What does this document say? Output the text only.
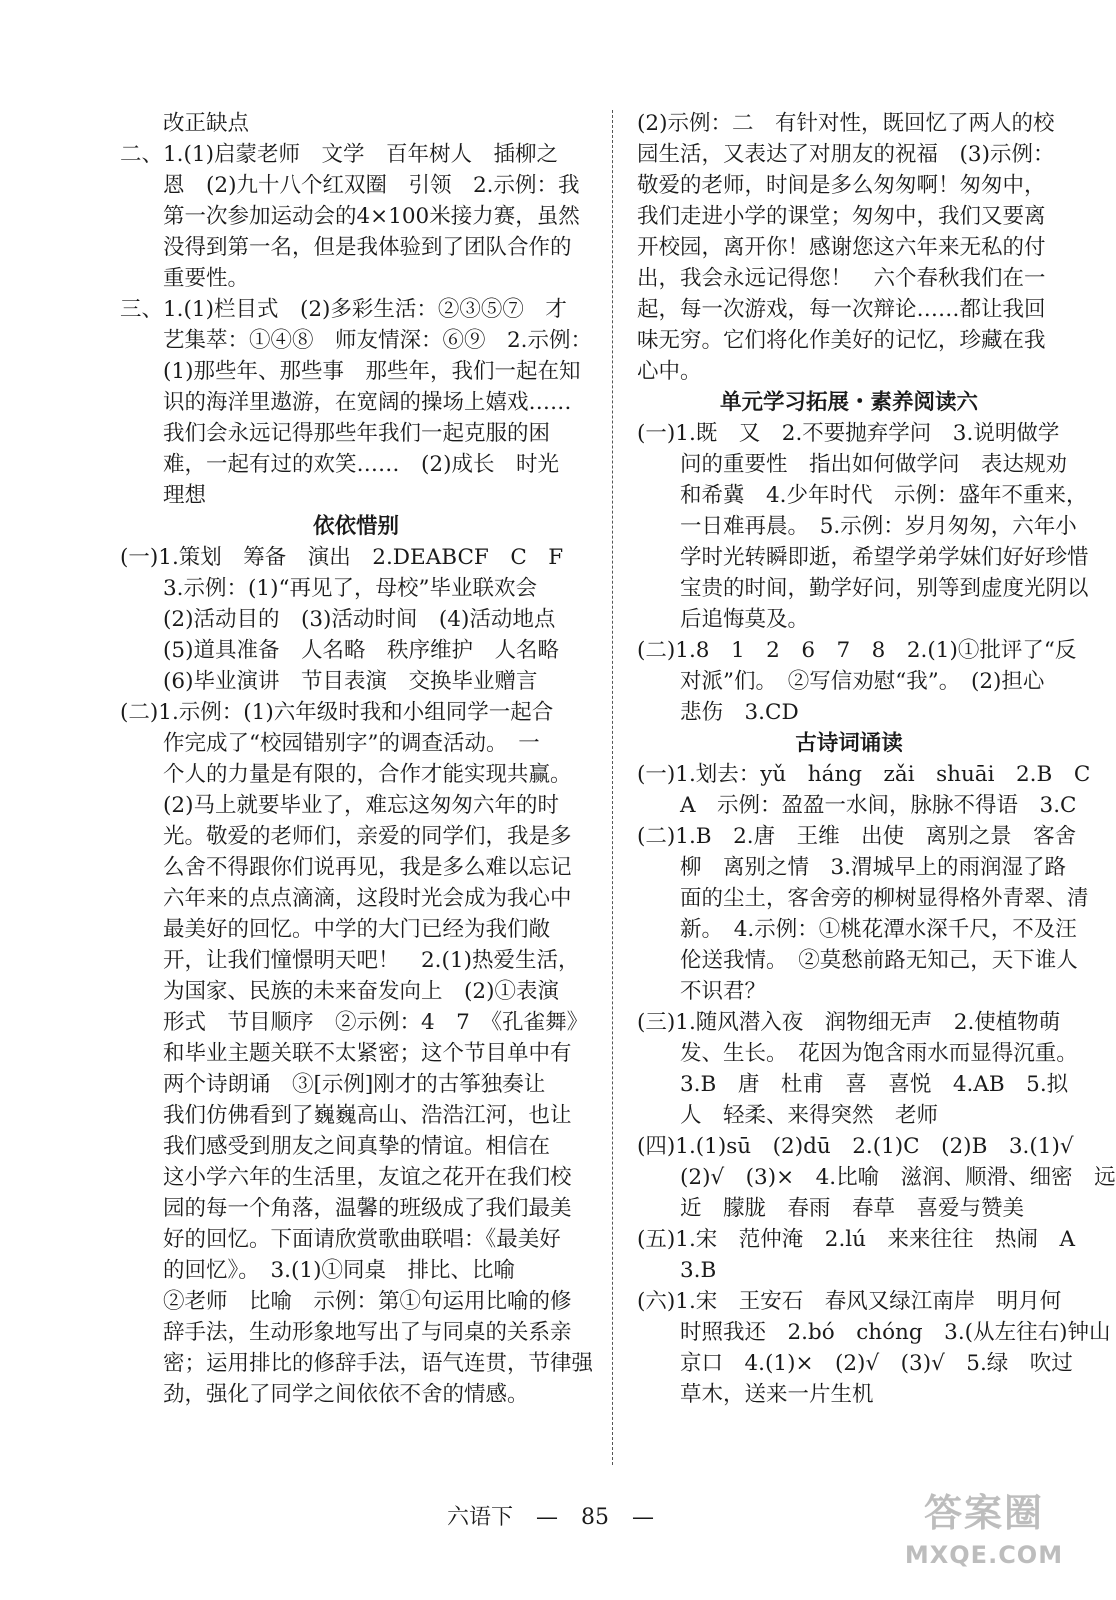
　　改正缺点
二、1.(1)启蒙老师　文学　百年树人　插柳之
　　恩　(2)九十八个红双圈　引领　2.示例：我
　　第一次参加运动会的4×100米接力赛，虽然
　　没得到第一名，但是我体验到了团队合作的
　　重要性。
三、1.(1)栏目式　(2)多彩生活：②③⑤⑦　才
　　艺集萃：①④⑧　师友情深：⑥⑨　2.示例：
　　(1)那些年、那些事　那些年，我们一起在知
　　识的海洋里遨游，在宽阔的操场上嬉戏……
　　我们会永远记得那些年我们一起克服的困
　　难，一起有过的欢笑……　(2)成长　时光
　　理想
依依惜别
(一)1.策划　筹备　演出　2.DEABCF　C　F
　　3.示例：(1)“再见了，母校”毕业联欢会
　　(2)活动目的　(3)活动时间　(4)活动地点
　　(5)道具准备　人名略　秩序维护　人名略
　　(6)毕业演讲　节目表演　交换毕业赠言
(二)1.示例：(1)六年级时我和小组同学一起合
　　作完成了“校园错别字”的调查活动。　一
　　个人的力量是有限的，合作才能实现共赢。
　　(2)马上就要毕业了，难忘这匆匆六年的时
　　光。敬爱的老师们，亲爱的同学们，我是多
　　么舍不得跟你们说再见，我是多么难以忘记
　　六年来的点点滴滴，这段时光会成为我心中
　　最美好的回忆。中学的大门已经为我们敞
　　开，让我们憧憬明天吧！　2.(1)热爱生活，
　　为国家、民族的未来奋发向上　(2)①表演
　　形式　节目顺序　②示例：4　7　《孔雀舞》
　　和毕业主题关联不太紧密；这个节目单中有
　　两个诗朗诵　③[示例]刚才的古筝独奏让
　　我们仿佛看到了巍巍高山、浩浩江河，也让
　　我们感受到朋友之间真挚的情谊。相信在
　　这小学六年的生活里，友谊之花开在我们校
　　园的每一个角落，温馨的班级成了我们最美
　　好的回忆。下面请欣赏歌曲联唱：《最美好
　　的回忆》。　3.(1)①同桌　排比、比喻
　　②老师　比喻　示例：第①句运用比喻的修
　　辞手法，生动形象地写出了与同桌的关系亲
　　密；运用排比的修辞手法，语气连贯，节律强
　　劲，强化了同学之间依依不舍的情感。
(2)示例：二　有针对性，既回忆了两人的校
园生活，又表达了对朋友的祝福　(3)示例：
敬爱的老师，时间是多么匆匆啊！匆匆中，
我们走进小学的课堂；匆匆中，我们又要离
开校园，离开你！感谢您这六年来无私的付
出，我会永远记得您！　六个春秋我们在一
起，每一次游戏，每一次辩论……都让我回
味无穷。它们将化作美好的记忆，珍藏在我
心中。
单元学习拓展・素养阅读六
(一)1.既　又　2.不要抛弃学问　3.说明做学
　　问的重要性　指出如何做学问　表达规劝
　　和希冀　4.少年时代　示例：盛年不重来，
　　一日难再晨。　5.示例：岁月匆匆，六年小
　　学时光转瞬即逝，希望学弟学妹们好好珍惜
　　宝贵的时间，勤学好问，别等到虚度光阴以
　　后追悔莫及。
(二)1.8　1　2　6　7　8　2.(1)①批评了“反
　　对派”们。　②写信劝慰“我”。　(2)担心
　　悲伤　3.CD
古诗词诵读
(一)1.划去：yǔ　háng　zǎi　shuāi　2.B　C
　　A　示例：盈盈一水间，脉脉不得语　3.C
(二)1.B　2.唐　王维　出使　离别之景　客舍
　　柳　离别之情　3.渭城早上的雨润湿了路
　　面的尘土，客舍旁的柳树显得格外青翠、清
　　新。　4.示例：①桃花潭水深千尺，不及汪
　　伦送我情。　②莫愁前路无知己，天下谁人
　　不识君？
(三)1.随风潜入夜　润物细无声　2.使植物萌
　　发、生长。　花因为饱含雨水而显得沉重。
　　3.B　唐　杜甫　喜　喜悦　4.AB　5.拟
　　人　轻柔、来得突然　老师
(四)1.(1)sū　(2)dū　2.(1)C　(2)B　3.(1)√
　　(2)√　(3)×　4.比喻　滋润、顺滑、细密　远
　　近　朦胧　春雨　春草　喜爱与赞美
(五)1.宋　范仲淹　2.lú　来来往往　热闹　A
　　3.B
(六)1.宋　王安石　春风又绿江南岸　明月何
　　时照我还　2.bó　chóng　3.(从左往右)钟山
　　京口　4.(1)×　(2)√　(3)√　5.绿　吹过
　　草木，送来一片生机
六语下 — 85 —	答案圈
MXQE.COM
